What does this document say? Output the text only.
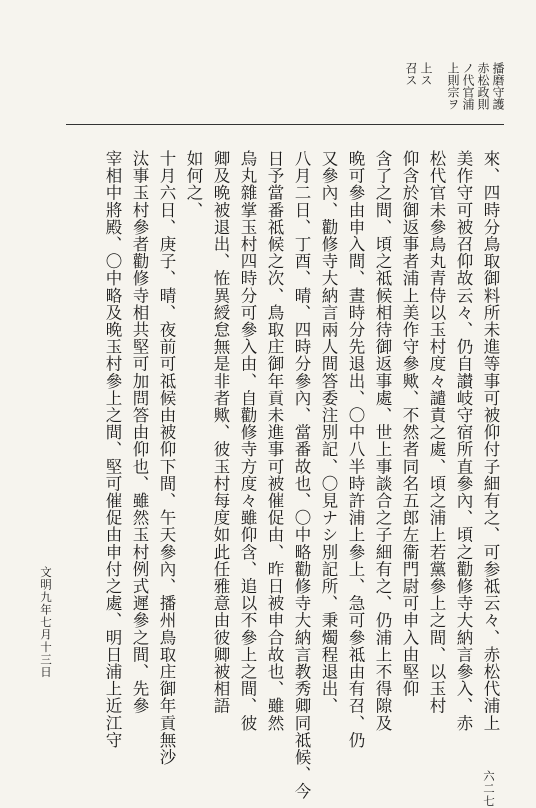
播磨守護
赤松政則
ノ代官浦
上則宗ヲ
上ス
召ス
來、四時分鳥取御料所未進等事可被仰付子細有之、可参祗云々、赤松代浦上
美作守可被召仰故云々、仍自讃岐守宿所直參內、頃之勸修寺大納言參入、赤
松代官未參鳥丸青侍以玉村度々譴責之處、頃之浦上若黨參上之間、以玉村
仰含於御返事者浦上美作守參歟、不然者同名五郎左衞門尉可申入由堅仰
含了之間、頃之祗候相待御返事處、世上事談合之子細有之、仍浦上不得隙及
晩可參由申入間、晝時分先退出、〇中八半時許浦上參上、急可參祗由有召、仍
又參內、勸修寺大納言兩人間答委注別記、〇見ナシ別記所、秉燭程退出、
八月二日、丁酉、晴、四時分參內、當番故也、〇中略勸修寺大納言教秀卿同祗候、今
日予當番祗候之次、鳥取庄御年貢未進事可被催促由、昨日被申合故也、雖然
烏丸雜掌玉村四時分可參入由、自勸修寺方度々雖仰含、追以不參上之間、彼
卿及晩被退出、恠異綬怠無是非者歟、彼玉村每度如此任雅意由彼卿被相語
如何之、
十月六日、庚子、晴、夜前可祗候由被仰下間、午天參內、播州鳥取庄御年貢無沙
汰事玉村參者勸修寺相共堅可加問答由仰也、雖然玉村例式遲參之間、先參
宰相中將殿、〇中略及晩玉村參上之間、堅可催促由申付之處、明日浦上近江守
文明九年七月十三日
六二七
